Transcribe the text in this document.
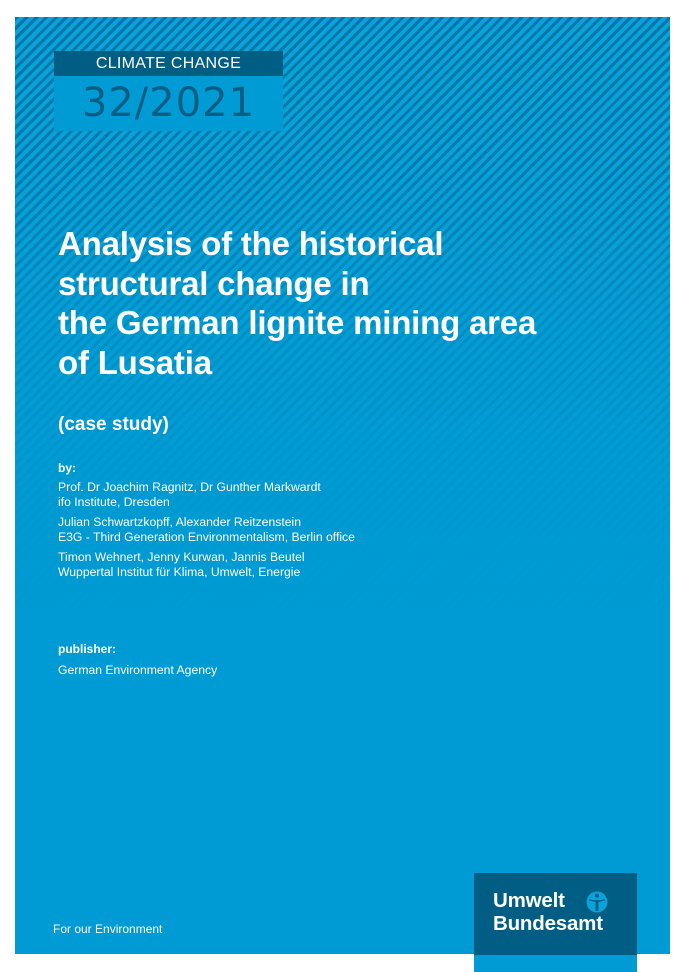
CLIMATE CHANGE
32/2021
Analysis of the historical
structural change in
the German lignite mining area
of Lusatia
(case study)
by:
Prof. Dr Joachim Ragnitz, Dr Gunther Markwardt
ifo Institute, Dresden
Julian Schwartzkopff, Alexander Reitzenstein
E3G - Third Generation Environmentalism, Berlin office
Timon Wehnert, Jenny Kurwan, Jannis Beutel
Wuppertal Institut für Klima, Umwelt, Energie
publisher:
German Environment Agency
For our Environment
Umwelt
Bundesamt
